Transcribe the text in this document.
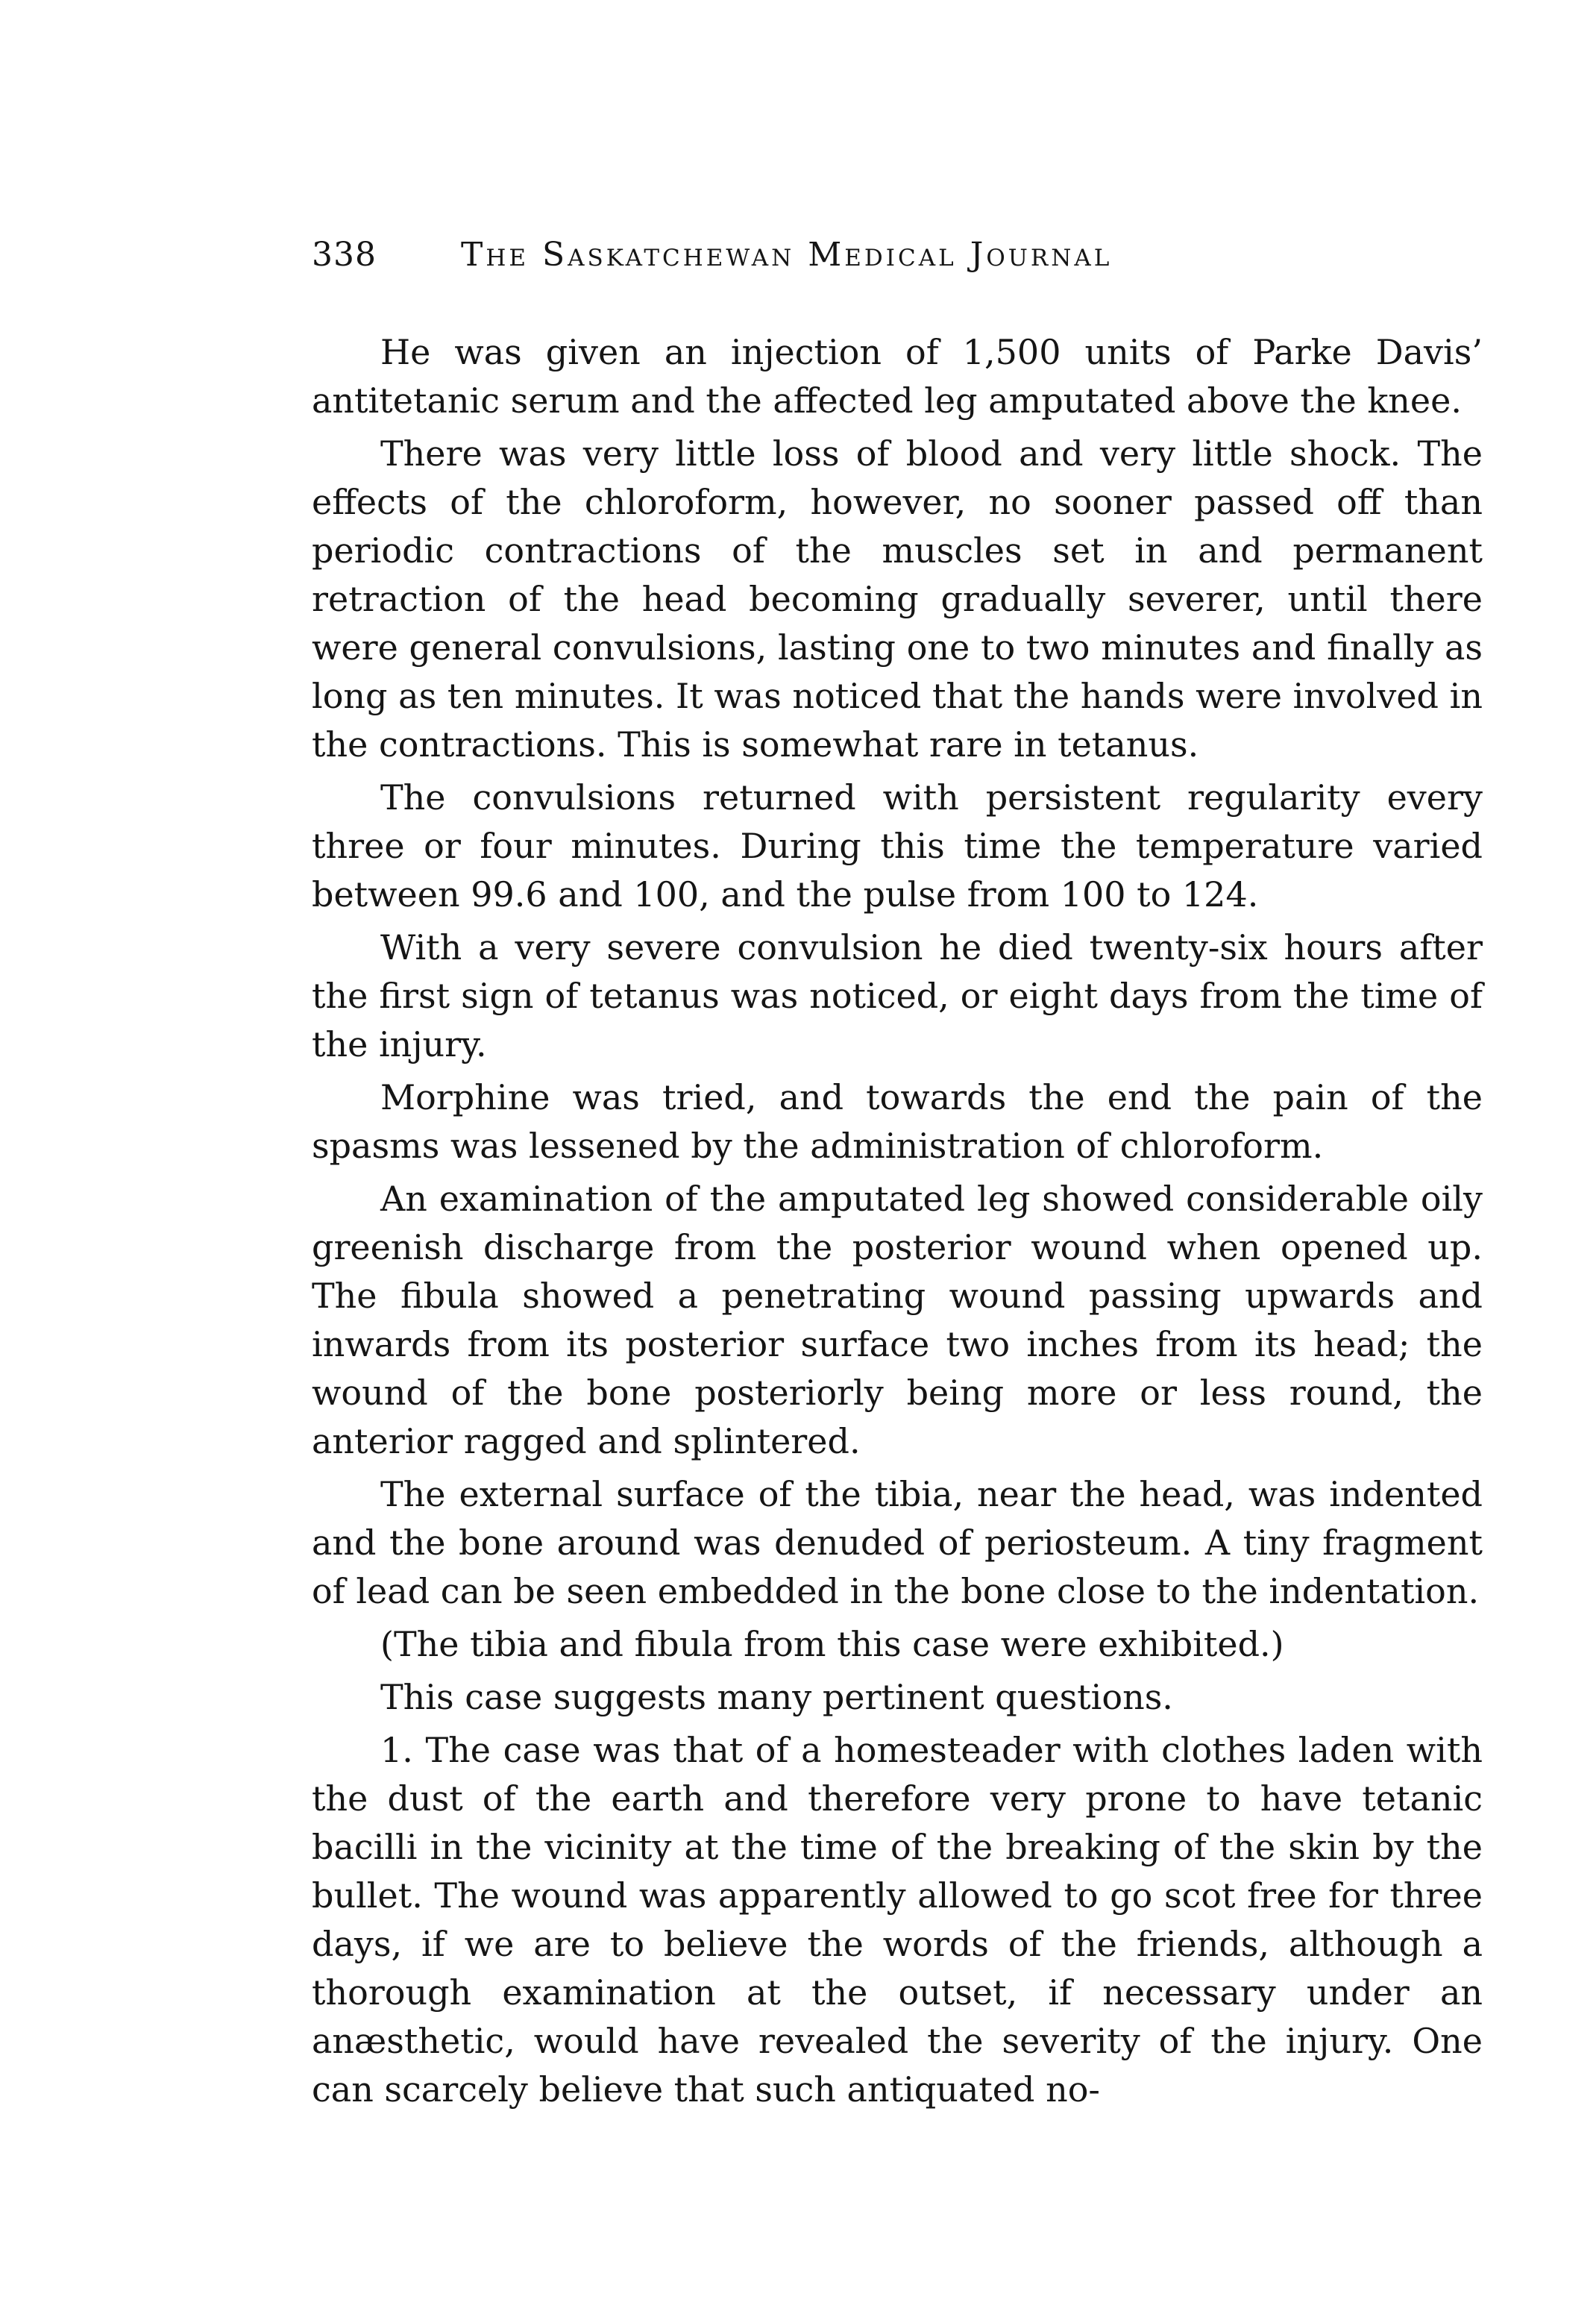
338	The Saskatchewan Medical Journal

He was given an injection of 1,500 units of Parke Davis’ antitetanic serum and the affected leg amputated above the knee.

There was very little loss of blood and very little shock. The effects of the chloroform, however, no sooner passed off than periodic contractions of the muscles set in and permanent retraction of the head becoming gradually severer, until there were general convulsions, lasting one to two minutes and finally as long as ten minutes. It was noticed that the hands were involved in the contractions. This is somewhat rare in tetanus.

The convulsions returned with persistent regularity every three or four minutes. During this time the temperature varied between 99.6 and 100, and the pulse from 100 to 124.

With a very severe convulsion he died twenty-six hours after the first sign of tetanus was noticed, or eight days from the time of the injury.

Morphine was tried, and towards the end the pain of the spasms was lessened by the administration of chloroform.

An examination of the amputated leg showed considerable oily greenish discharge from the posterior wound when opened up. The fibula showed a penetrating wound passing upwards and inwards from its posterior surface two inches from its head; the wound of the bone posteriorly being more or less round, the anterior ragged and splintered.

The external surface of the tibia, near the head, was indented and the bone around was denuded of periosteum. A tiny fragment of lead can be seen embedded in the bone close to the indentation.

(The tibia and fibula from this case were exhibited.)

This case suggests many pertinent questions.

1. The case was that of a homesteader with clothes laden with the dust of the earth and therefore very prone to have tetanic bacilli in the vicinity at the time of the breaking of the skin by the bullet. The wound was apparently allowed to go scot free for three days, if we are to believe the words of the friends, although a thorough examination at the outset, if necessary under an anæsthetic, would have revealed the severity of the injury. One can scarcely believe that such antiquated no-
